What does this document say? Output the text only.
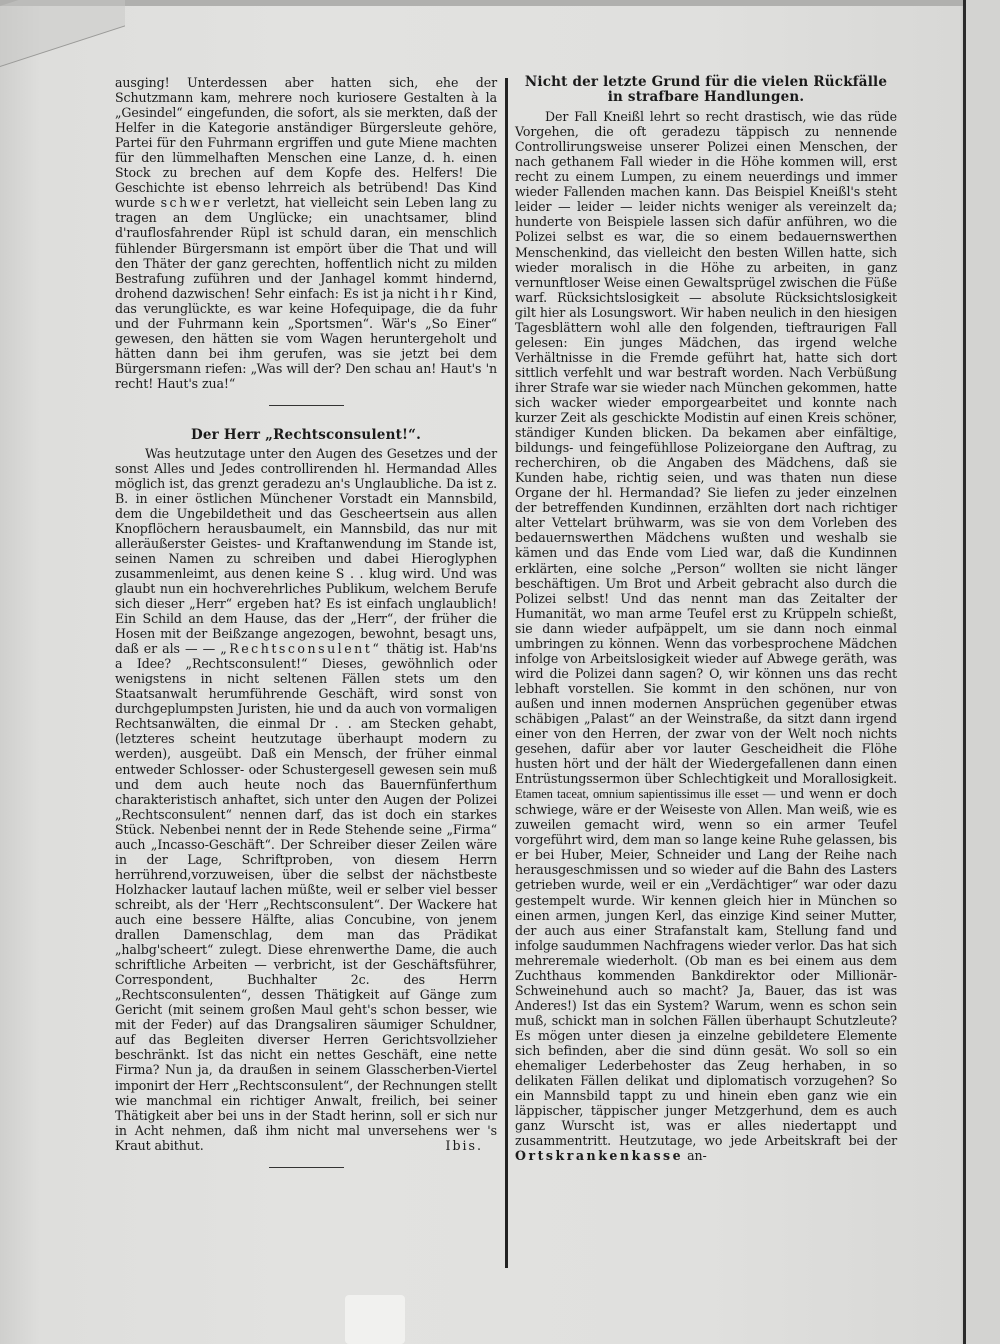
ausging! Unterdessen aber hatten sich, ehe der Schutzmann kam, mehrere noch kuriosere Gestalten à la „Gesindel“ eingefunden, die sofort, als sie merkten, daß der Helfer in die Kategorie anständiger Bürgersleute gehöre, Partei für den Fuhrmann ergriffen und gute Miene machten für den lümmelhaften Menschen eine Lanze, d. h. einen Stock zu brechen auf dem Kopfe des. Helfers! Die Geschichte ist ebenso lehrreich als betrübend! Das Kind wurde schwer verletzt, hat vielleicht sein Leben lang zu tragen an dem Unglücke; ein unachtsamer, blind d'rauflosfahrender Rüpl ist schuld daran, ein menschlich fühlender Bürgersmann ist empört über die That und will den Thäter der ganz gerechten, hoffentlich nicht zu milden Bestrafung zuführen und der Janhagel kommt hindernd, drohend dazwischen! Sehr einfach: Es ist ja nicht ihr Kind, das verunglückte, es war keine Hofequipage, die da fuhr und der Fuhrmann kein „Sportsmen“. Wär's „So Einer“ gewesen, den hätten sie vom Wagen heruntergeholt und hätten dann bei ihm gerufen, was sie jetzt bei dem Bürgersmann riefen: „Was will der? Den schau an! Haut's 'n recht! Haut's zua!“

Der Herr „Rechtsconsulent!“.

Was heutzutage unter den Augen des Gesetzes und der sonst Alles und Jedes controllirenden hl. Hermandad Alles möglich ist, das grenzt geradezu an's Unglaubliche. Da ist z. B. in einer östlichen Münchener Vorstadt ein Mannsbild, dem die Ungebildetheit und das Gescheertsein aus allen Knopflöchern herausbaumelt, ein Mannsbild, das nur mit alleräußerster Geistes- und Kraftanwendung im Stande ist, seinen Namen zu schreiben und dabei Hieroglyphen zusammenleimt, aus denen keine S . . klug wird. Und was glaubt nun ein hochverehrliches Publikum, welchem Berufe sich dieser „Herr“ ergeben hat? Es ist einfach unglaublich! Ein Schild an dem Hause, das der „Herr“, der früher die Hosen mit der Beißzange angezogen, bewohnt, besagt uns, daß er als — — „Rechtsconsulent“ thätig ist. Hab'ns a Idee? „Rechtsconsulent!“ Dieses, gewöhnlich oder wenigstens in nicht seltenen Fällen stets um den Staatsanwalt herumführende Geschäft, wird sonst von durchgeplumpsten Juristen, hie und da auch von vormaligen Rechtsanwälten, die einmal Dr . . am Stecken gehabt, (letzteres scheint heutzutage überhaupt modern zu werden), ausgeübt. Daß ein Mensch, der früher einmal entweder Schlosser- oder Schustergesell gewesen sein muß und dem auch heute noch das Bauernfünferthum charakteristisch anhaftet, sich unter den Augen der Polizei „Rechtsconsulent“ nennen darf, das ist doch ein starkes Stück. Nebenbei nennt der in Rede Stehende seine „Firma“ auch „Incasso-Geschäft“. Der Schreiber dieser Zeilen wäre in der Lage, Schriftproben, von diesem Herrn herrührend,vorzuweisen, über die selbst der nächstbeste Holzhacker lautauf lachen müßte, weil er selber viel besser schreibt, als der 'Herr „Rechtsconsulent“. Der Wackere hat auch eine bessere Hälfte, alias Concubine, von jenem drallen Damenschlag, dem man das Prädikat „halbg'scheert“ zulegt. Diese ehrenwerthe Dame, die auch schriftliche Arbeiten — verbricht, ist der Geschäftsführer, Correspondent, Buchhalter 2c. des Herrn „Rechtsconsulenten“, dessen Thätigkeit auf Gänge zum Gericht (mit seinem großen Maul geht's schon besser, wie mit der Feder) auf das Drangsaliren säumiger Schuldner, auf das Begleiten diverser Herren Gerichtsvollzieher beschränkt. Ist das nicht ein nettes Geschäft, eine nette Firma? Nun ja, da draußen in seinem Glasscherben-Viertel imponirt der Herr „Rechtsconsulent“, der Rechnungen stellt wie manchmal ein richtiger Anwalt, freilich, bei seiner Thätigkeit aber bei uns in der Stadt herinn, soll er sich nur in Acht nehmen, daß ihm nicht mal unversehens wer 's Kraut abithut.	Ibis.
Nicht der letzte Grund für die vielen Rückfälle in strafbare Handlungen.

Der Fall Kneißl lehrt so recht drastisch, wie das rüde Vorgehen, die oft geradezu täppisch zu nennende Controllirungsweise unserer Polizei einen Menschen, der nach gethanem Fall wieder in die Höhe kommen will, erst recht zu einem Lumpen, zu einem neuerdings und immer wieder Fallenden machen kann. Das Beispiel Kneißl's steht leider — leider — leider nichts weniger als vereinzelt da; hunderte von Beispiele lassen sich dafür anführen, wo die Polizei selbst es war, die so einem bedauernswerthen Menschenkind, das vielleicht den besten Willen hatte, sich wieder moralisch in die Höhe zu arbeiten, in ganz vernunftloser Weise einen Gewaltsprügel zwischen die Füße warf. Rücksichtslosigkeit — absolute Rücksichtslosigkeit gilt hier als Losungswort. Wir haben neulich in den hiesigen Tagesblättern wohl alle den folgenden, tieftraurigen Fall gelesen: Ein junges Mädchen, das irgend welche Verhältnisse in die Fremde geführt hat, hatte sich dort sittlich verfehlt und war bestraft worden. Nach Verbüßung ihrer Strafe war sie wieder nach München gekommen, hatte sich wacker wieder emporgearbeitet und konnte nach kurzer Zeit als geschickte Modistin auf einen Kreis schöner, ständiger Kunden blicken. Da bekamen aber einfältige, bildungs- und feingefühllose Polizeiorgane den Auftrag, zu recherchiren, ob die Angaben des Mädchens, daß sie Kunden habe, richtig seien, und was thaten nun diese Organe der hl. Hermandad? Sie liefen zu jeder einzelnen der betreffenden Kundinnen, erzählten dort nach richtiger alter Vettelart brühwarm, was sie von dem Vorleben des bedauernswerthen Mädchens wußten und weshalb sie kämen und das Ende vom Lied war, daß die Kundinnen erklärten, eine solche „Person“ wollten sie nicht länger beschäftigen. Um Brot und Arbeit gebracht also durch die Polizei selbst! Und das nennt man das Zeitalter der Humanität, wo man arme Teufel erst zu Krüppeln schießt, sie dann wieder aufpäppelt, um sie dann noch einmal umbringen zu können. Wenn das vorbesprochene Mädchen infolge von Arbeitslosigkeit wieder auf Abwege geräth, was wird die Polizei dann sagen? O, wir können uns das recht lebhaft vorstellen. Sie kommt in den schönen, nur von außen und innen modernen Ansprüchen gegenüber etwas schäbigen „Palast“ an der Weinstraße, da sitzt dann irgend einer von den Herren, der zwar von der Welt noch nichts gesehen, dafür aber vor lauter Gescheidheit die Flöhe husten hört und der hält der Wiedergefallenen dann einen Entrüstungssermon über Schlechtigkeit und Morallosigkeit. Etamen taceat, omnium sapientissimus ille esset — und wenn er doch schwiege, wäre er der Weiseste von Allen. Man weiß, wie es zuweilen gemacht wird, wenn so ein armer Teufel vorgeführt wird, dem man so lange keine Ruhe gelassen, bis er bei Huber, Meier, Schneider und Lang der Reihe nach herausgeschmissen und so wieder auf die Bahn des Lasters getrieben wurde, weil er ein „Verdächtiger“ war oder dazu gestempelt wurde. Wir kennen gleich hier in München so einen armen, jungen Kerl, das einzige Kind seiner Mutter, der auch aus einer Strafanstalt kam, Stellung fand und infolge saudummen Nachfragens wieder verlor. Das hat sich mehreremale wiederholt. (Ob man es bei einem aus dem Zuchthaus kommenden Bankdirektor oder Millionär-Schweinehund auch so macht? Ja, Bauer, das ist was Anderes!) Ist das ein System? Warum, wenn es schon sein muß, schickt man in solchen Fällen überhaupt Schutzleute? Es mögen unter diesen ja einzelne gebildetere Elemente sich befinden, aber die sind dünn gesät. Wo soll so ein ehemaliger Lederbehoster das Zeug herhaben, in so delikaten Fällen delikat und diplomatisch vorzugehen? So ein Mannsbild tappt zu und hinein eben ganz wie ein läppischer, täppischer junger Metzgerhund, dem es auch ganz Wurscht ist, was er alles niedertappt und zusammentritt. Heutzutage, wo jede Arbeitskraft bei der Ortskrankenkasse an-
